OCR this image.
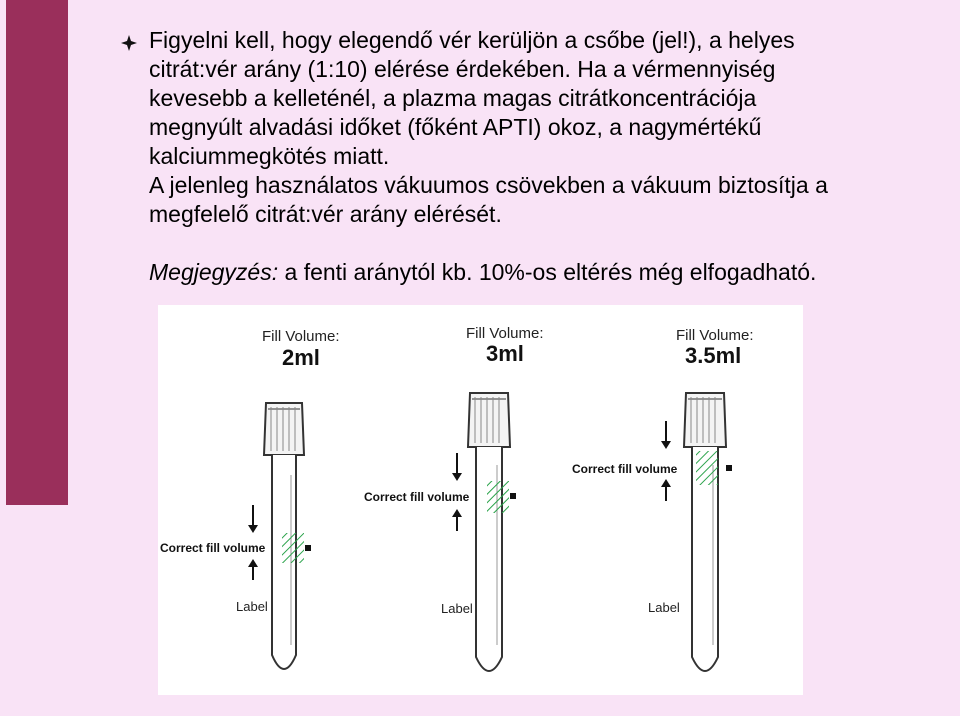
Figyelni kell, hogy elegendő vér kerüljön a csőbe (jel!), a helyes citrát:vér arány (1:10) elérése érdekében. Ha a vérmennyiség kevesebb a kelleténél, a plazma magas citrátkoncentrációja megnyúlt alvadási időket (főként APTI) okoz, a nagymértékű kalciummegkötés miatt.

A jelenleg használatos vákuumos csövekben a vákuum biztosítja a megfelelő citrát:vér arány elérését.

Megjegyzés: a fenti aránytól kb. 10%-os eltérés még elfogadható.

Fill Volume:
2ml
Correct fill volume
Label
Fill Volume:
3ml
Correct fill volume
Label
Fill Volume:
3.5ml
Correct fill volume
Label
